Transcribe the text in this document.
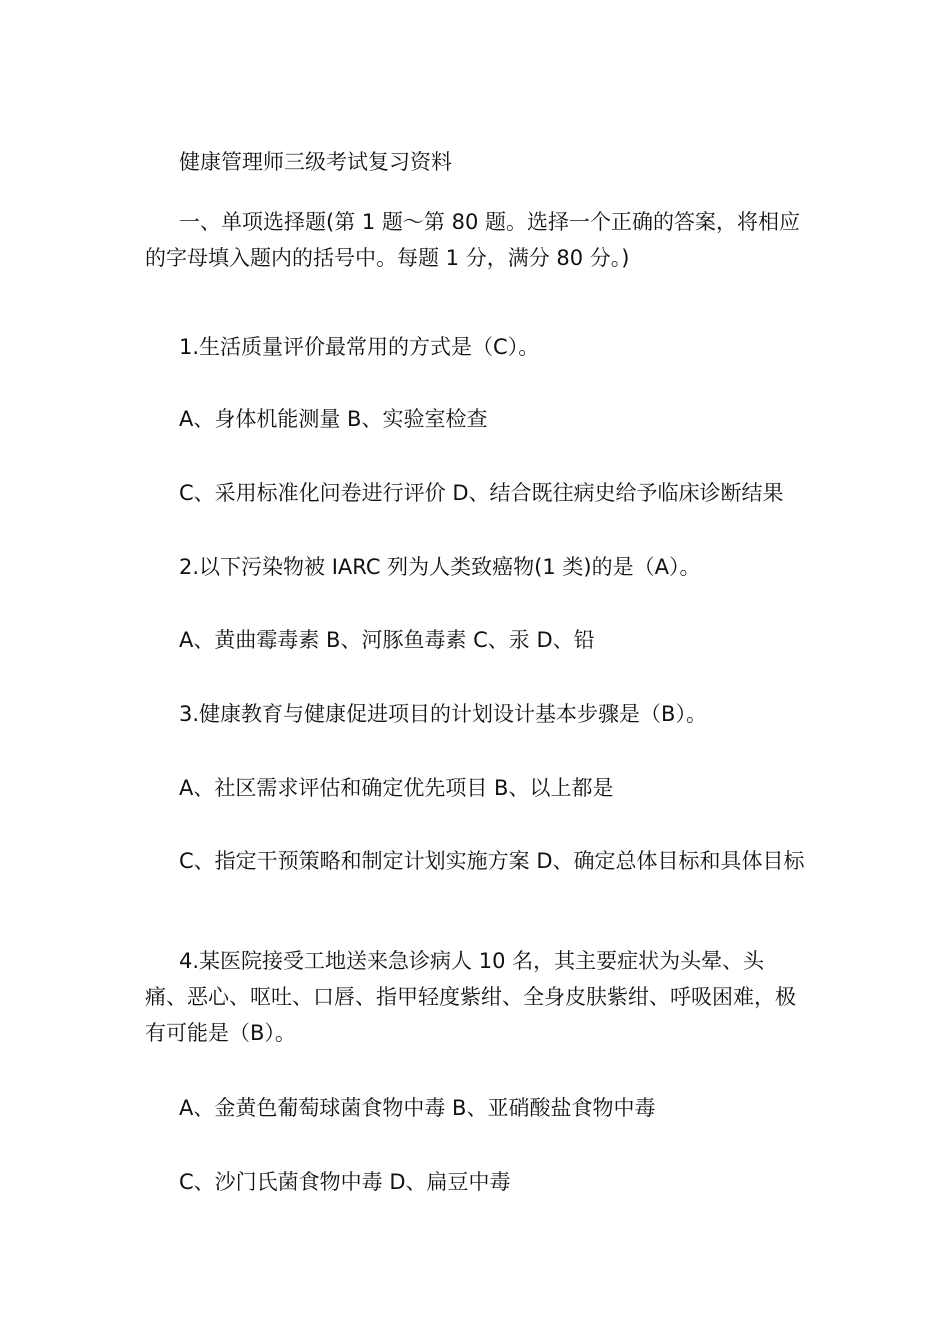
健康管理师三级考试复习资料

一、单项选择题(第 1 题～第 80 题。选择一个正确的答案，将相应的字母填入题内的括号中。每题 1 分，满分 80 分。)

1.生活质量评价最常用的方式是（C）。

A、身体机能测量 B、实验室检查

C、采用标准化问卷进行评价 D、结合既往病史给予临床诊断结果

2.以下污染物被 IARC 列为人类致癌物(1 类)的是（A）。

A、黄曲霉毒素 B、河豚鱼毒素 C、汞 D、铅

3.健康教育与健康促进项目的计划设计基本步骤是（B）。

A、社区需求评估和确定优先项目 B、以上都是

C、指定干预策略和制定计划实施方案 D、确定总体目标和具体目标

4.某医院接受工地送来急诊病人 10 名，其主要症状为头晕、头痛、恶心、呕吐、口唇、指甲轻度紫绀、全身皮肤紫绀、呼吸困难，极有可能是（B）。

A、金黄色葡萄球菌食物中毒 B、亚硝酸盐食物中毒

C、沙门氏菌食物中毒 D、扁豆中毒
